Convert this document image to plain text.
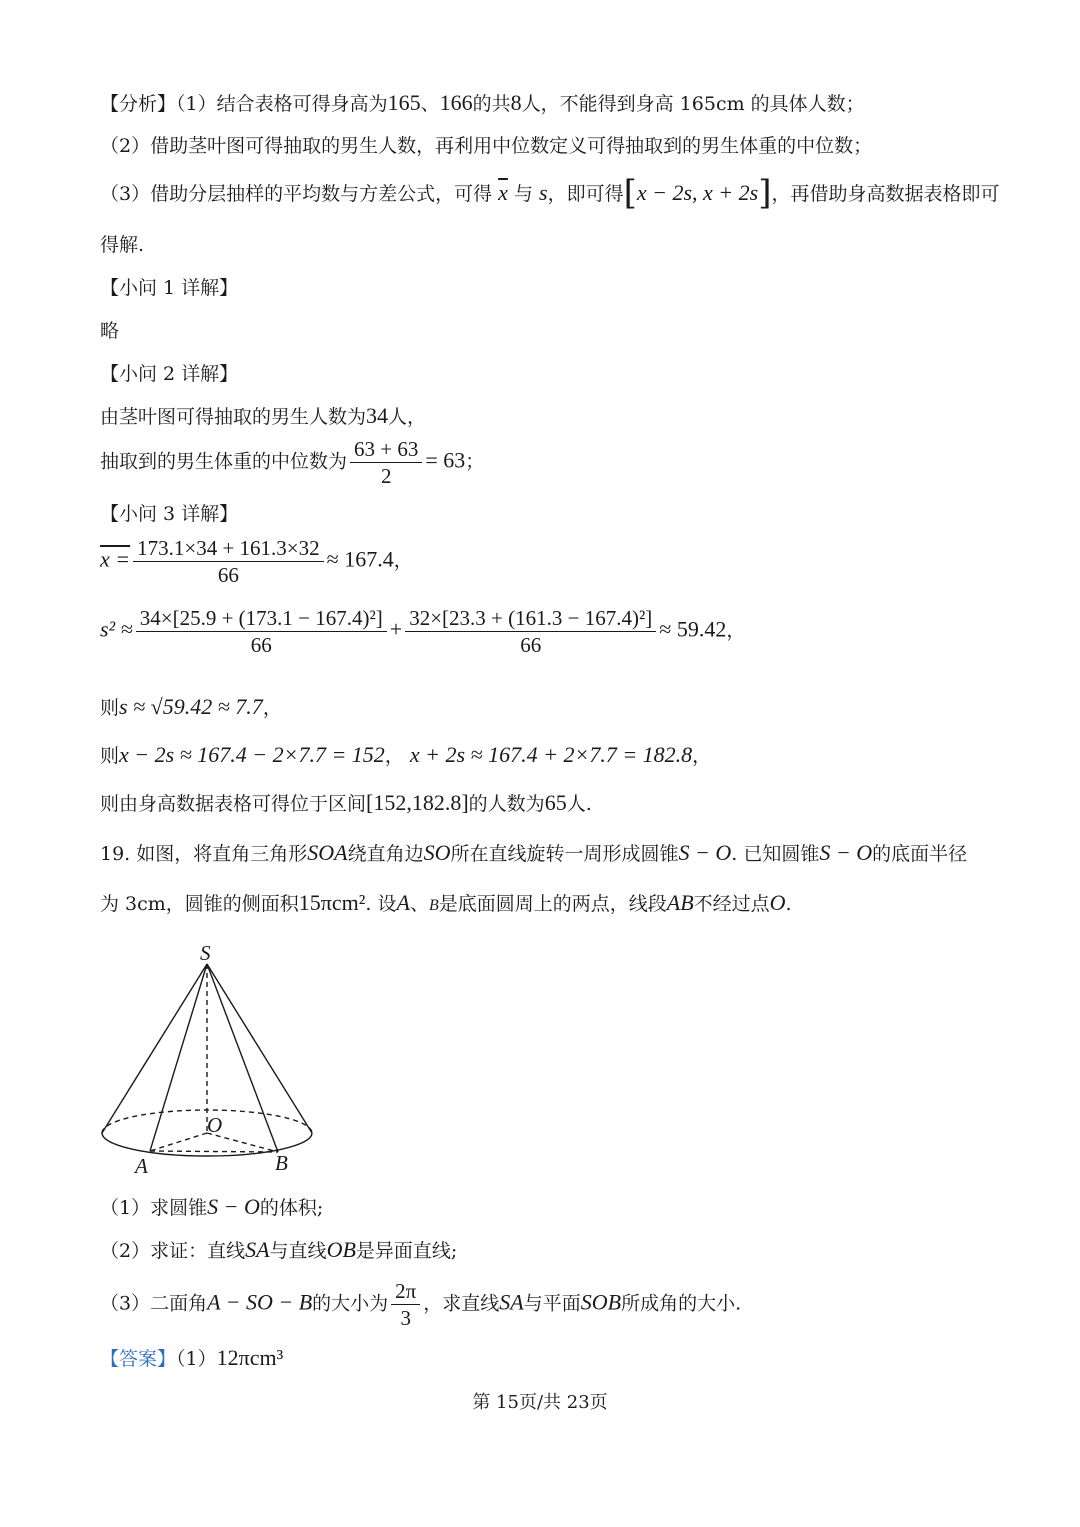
【分析】（1）结合表格可得身高为165、166的共8人，不能得到身高 165cm 的具体人数；
（2）借助茎叶图可得抽取的男生人数，再利用中位数定义可得抽取到的男生体重的中位数；
（3）借助分层抽样的平均数与方差公式，可得 $\overline{x}$ 与 s，即可得[x − 2s, x + 2s]，再借助身高数据表格即可
得解.
【小问 1 详解】
略
【小问 2 详解】
由茎叶图可得抽取的男生人数为34人，
抽取到的男生体重的中位数为 $\frac{63 + 63}{2} = 63$；
【小问 3 详解】
$x = \frac{173.1\times 34 + 161.3\times 32}{66} \approx 167.4$，
$s^2 \approx \frac{\text{34×[25.9 + (173.1 − 167.4)²]}}{66} + \frac{\text{32×[23.3 + (161.3 − 167.4)²]}}{66} \approx 59.42$，
则s ≈ √59.42 ≈ 7.7，
则x − 2s ≈ 167.4 − 2×7.7 = 152， x + 2s ≈ 167.4 + 2×7.7 = 182.8，
则由身高数据表格可得位于区间[152,182.8]的人数为65人.
19. 如图，将直角三角形SOA绕直角边SO所在直线旋转一周形成圆锥S − O. 已知圆锥S − O的底面半径
为 3cm，圆锥的侧面积15πcm². 设A、B是底面圆周上的两点，线段AB不经过点O.
S
O
A	B
（1）求圆锥S − O的体积;
（2）求证：直线SA与直线OB是异面直线;
（3）二面角A − SO − B的大小为 $\frac{2\pi}{3}$ ，求直线SA与平面SOB所成角的大小.
【答案】（1）12πcm³
第 15页/共 23页
